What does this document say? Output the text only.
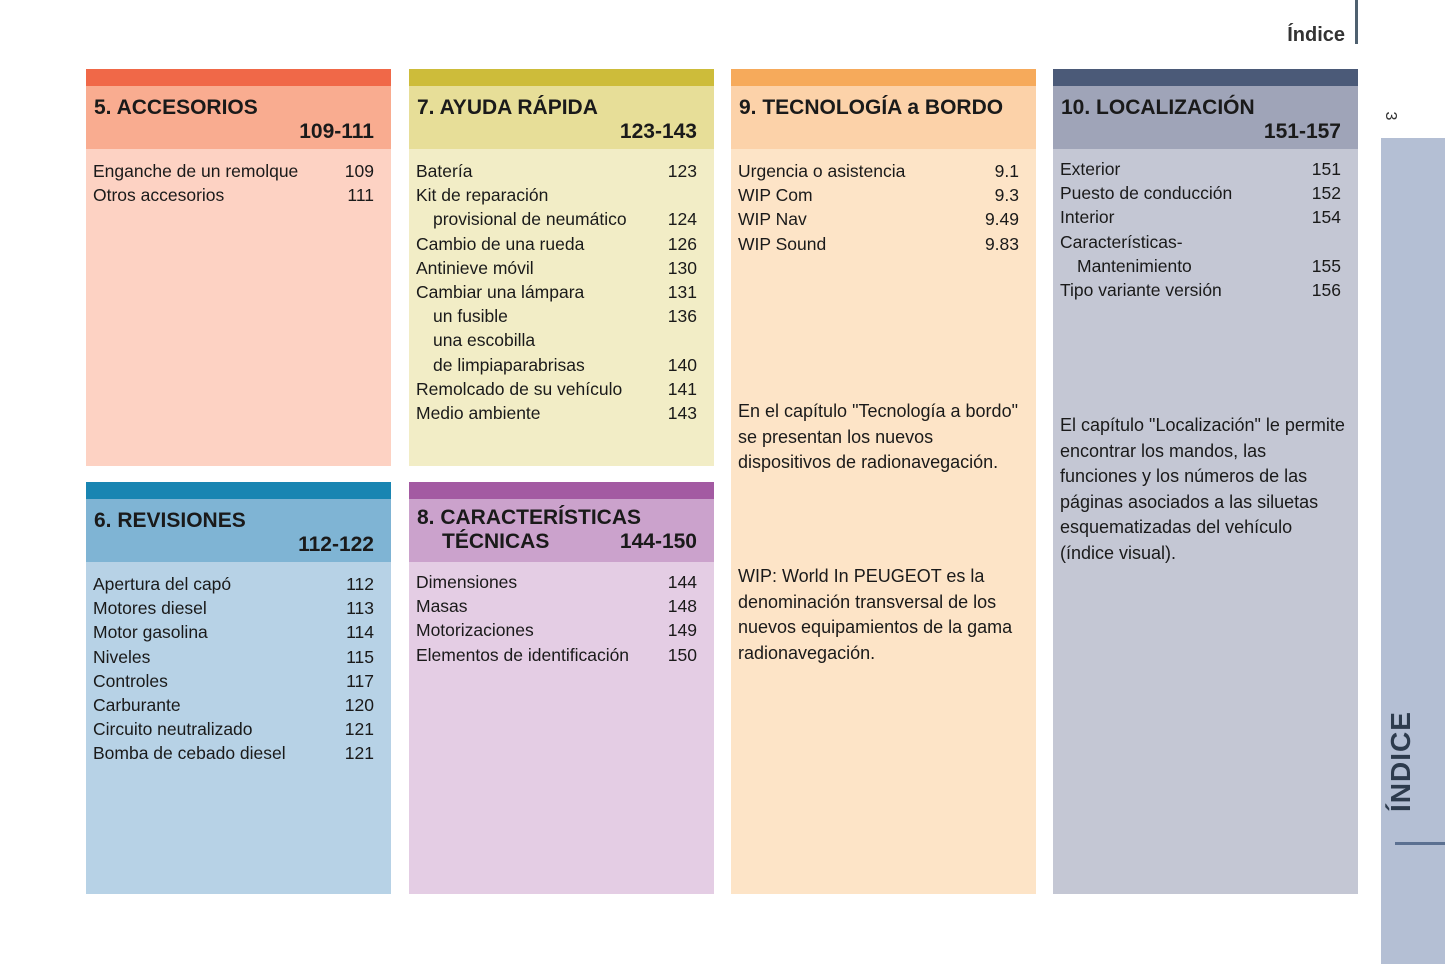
Índice
3
ÍNDICE
5. ACCESORIOS
109-111
Enganche de un remolque	109
Otros accesorios	111
7. AYUDA RÁPIDA
123-143
Batería	123
Kit de reparación
provisional de neumático 124
Cambio de una rueda	126
Antinieve móvil	130
Cambiar una lámpara	131
un fusible	136
una escobilla
de limpiaparabrisas	140
Remolcado de su vehículo	141
Medio ambiente	143
9. TECNOLOGÍA a BORDO
Urgencia o asistencia	9.1
WIP Com	9.3
WIP Nav	9.49
WIP Sound	9.83
En el capítulo "Tecnología a bordo" se presentan los nuevos dispositivos de radionavegación.
WIP: World In PEUGEOT es la denominación transversal de los nuevos equipamientos de la gama radionavegación.
10. LOCALIZACIÓN
151-157
Exterior	151
Puesto de conducción	152
Interior	154
Características-
Mantenimiento	155
Tipo variante versión	156
El capítulo "Localización" le permite encontrar los mandos, las funciones y los números de las páginas asociados a las siluetas esquematizadas del vehículo (índice visual).
6. REVISIONES
112-122
Apertura del capó	112
Motores diesel	113
Motor gasolina	114
Niveles	115
Controles	117
Carburante	120
Circuito neutralizado	121
Bomba de cebado diesel	121
8. CARACTERÍSTICAS
TÉCNICAS	144-150
Dimensiones	144
Masas	148
Motorizaciones	149
Elementos de identificación 150
